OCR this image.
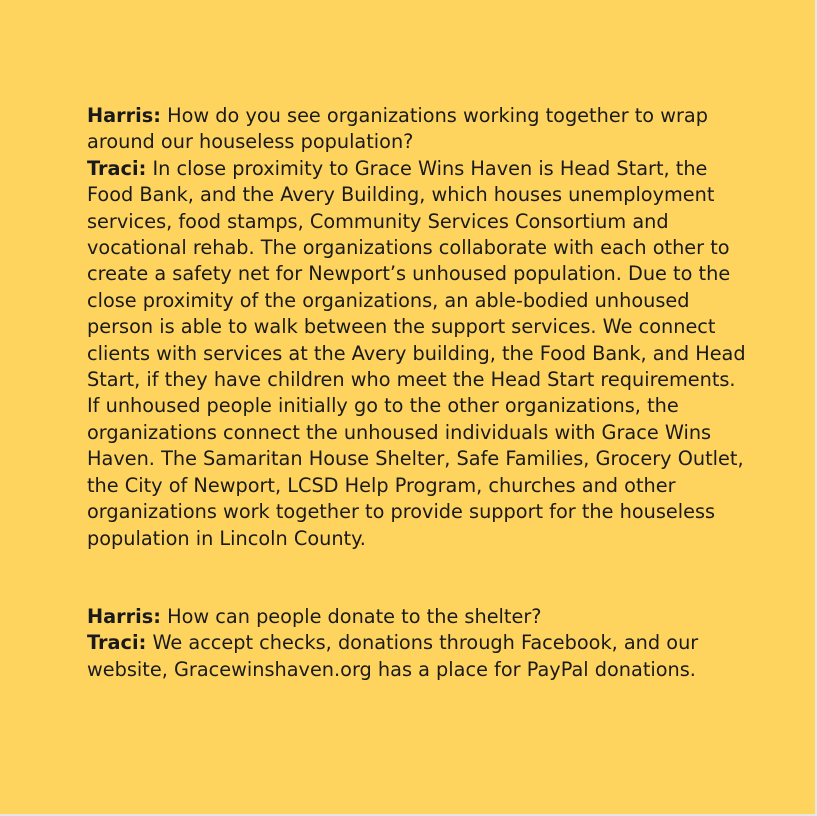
Harris: How do you see organizations working together to wrap around our houseless population?

Traci: In close proximity to Grace Wins Haven is Head Start, the Food Bank, and the Avery Building, which houses unemployment services, food stamps, Community Services Consortium and vocational rehab. The organizations collaborate with each other to create a safety net for Newport’s unhoused population. Due to the close proximity of the organizations, an able-bodied unhoused person is able to walk between the support services. We connect clients with services at the Avery building, the Food Bank, and Head Start, if they have children who meet the Head Start requirements. If unhoused people initially go to the other organizations, the organizations connect the unhoused individuals with Grace Wins Haven. The Samaritan House Shelter, Safe Families, Grocery Outlet, the City of Newport, LCSD Help Program, churches and other organizations work together to provide support for the houseless population in Lincoln County.

Harris: How can people donate to the shelter?

Traci: We accept checks, donations through Facebook, and our website, Gracewinshaven.org has a place for PayPal donations.
